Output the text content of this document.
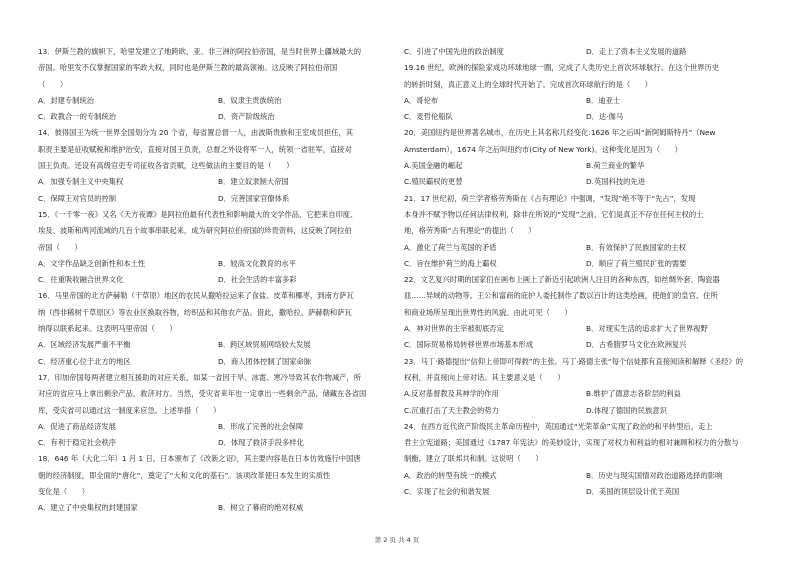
13．伊斯兰教的旗帜下，哈里发建立了地跨欧、亚、非三洲的阿拉伯帝国，是当时世界上疆域最大的

帝国。哈里发不仅掌握国家的军政大权，同时也是伊斯兰教的最高领袖。这反映了阿拉伯帝国

（　　）

A．封建专制统治	B．奴隶主贵族统治
C．政教合一的专制统治	D．资产阶级统治

14．彼得国王为统一世界全国划分为 20 个省，每省置总督一人，由波斯贵族和王室成员担任，其

职责主要是征收赋税和维护治安，直接对国王负责，总督之外设将军一人，统领一省驻军，直接对

国王负责。还设有高级官吏专司征收各省贡赋，这些做法的主要目的是（　　）

A．加强专制主义中央集权	B．建立奴隶制大帝国
C．保障王对官员的控制	D．完善国家官僚体系

15．《一千零一夜》又名《天方夜谭》是阿拉伯最有代表性和影响最大的文学作品，它把来自印度、

埃及、波斯和两河流域的几百个故事串联起来，成为研究阿拉伯帝国的珍贵资料，这反映了阿拉伯

帝国（　　）

A．文学作品缺乏创新性和本土性	B．较高文化教育的水平
C．往重吸收融合世界文化	D．社会生活的丰富多彩

16．马里帝国的北方萨赫勒（干草原）地区的农民从撒哈拉运来了食盐、皮革和椰枣，到南方萨瓦

纳（西非稀树干草原区）等农业区换取谷物，纺织品和其他农产品。借此，撒哈拉、萨赫勒和萨瓦

纳得以联系起来。这表明马里帝国（　　）

A．区域经济发展严重不平衡	B．跨区域贸易网络较大发展
C．经济重心位于北方的地区	D．商人团体控制了国家命脉

17．印加帝国每两者建立相互援助的对应关系，如某一省因干旱、冰雹、寒冷导致其农作物减产，所

对应的省应马上拿出剩余产品，救济对方。当然，受灾省来年也一定拿出一些剩余产品，储藏在各省国

库，受灾省可以通过这一制度来应急。上述举措（　　）

A．促进了商品经济发展	B．形成了完善的社会保障
C．有利于稳定社会秩序	D．体现了救济手段多样化

18．646 年（大化二年）1 月 1 日，日本颁布了《改新之诏》，其主要内容是在日本仿效施行中国唐

朝的经济制度，即全面的“唐化”，奠定了“大和文化的基石”。该项改革使日本发生的实质性

变化是（　　）

A．建立了中央集权的封建国家	B．树立了幕府的绝对权威
C．引进了中国先进的政治制度	D．走上了资本主义发展的道路

19.16 世纪，欧洲的探险家成功环球地球一圈，完成了人类历史上首次环球航行。在这个世界历史

的转折时刻，真正意义上的全球时代开始了。完成首次环球航行的是（　　）

A．哥伦布	B．迪亚士
C．麦哲伦船队	D．达·伽马

20．美国纽约是世界著名城市，在历史上其名称几经变化:1626 年之后叫“新阿姆斯特丹”（New

Amsterdam），1674 年之后叫纽约市(City of New York)。这种变化是因为（　　）

A.美国金融的崛起	B.荷兰商业的繁华
C.殖民霸权的更替	D.英国科技的先进

21．17 世纪初，荷兰学者格劳秀斯在《占有理论》中强调，“发现”绝不等于“先占”，发现

本身并不赋予物以任何法律权利，除非在所说的“发现”之前，它们是真正不存在任何主权的土

地，格劳秀斯“占有理论”的提出（　　）

A．激化了荷兰与英国的矛盾	B．有效保护了民族国家的主权
C．旨在维护荷兰的海上霸权	D．顺应了荷兰殖民扩张的需要

22．文艺复兴时期的国家们在画布上画上了新近引起欧洲人注目的各种东西，如丝绸外套、陶瓷器

皿……异域的动物等。王公和富商的庇护人委托制作了数以百计的这类绘画，使他们的皇宫、住所

和商业场所呈现出世界性的风貌。由此可见（　　）

A．神对世界的主宰被彻底否定	B．对现实生活的追求扩大了世界视野
C．国际贸易格局转移世界市场基本形成	D．古希腊罗马文化在欧洲复兴

23．马丁·路德提出“信仰上帝即可得救”的主张。马丁·路德主张“每个信徒都有直接阅读和解释《圣经》的

权利，并直接向上帝对话。其主要意义是（　　）

A.反对基督教及其神学的作用	B.维护了德意志各阶层的利益
C.沉重打击了天主教会的势力	D.体现了德国的民族意识

24．在西方近代资产阶级民主革命历程中，英国通过“光荣革命”实现了政治的和平转型后，走上

君主立宪道路；美国通过《1787 年宪法》的美妙设计，实现了对权力和利益的相对兼顾和权力的分散与

制衡，建立了联邦共和制。这说明（　　）

A．政治的转型有统一的模式	B．历史与现实国情对政治道路选择的影响
C．实现了社会的和谐发展	D．美国的顶层设计优于英国
第 2 页 共 4 页
